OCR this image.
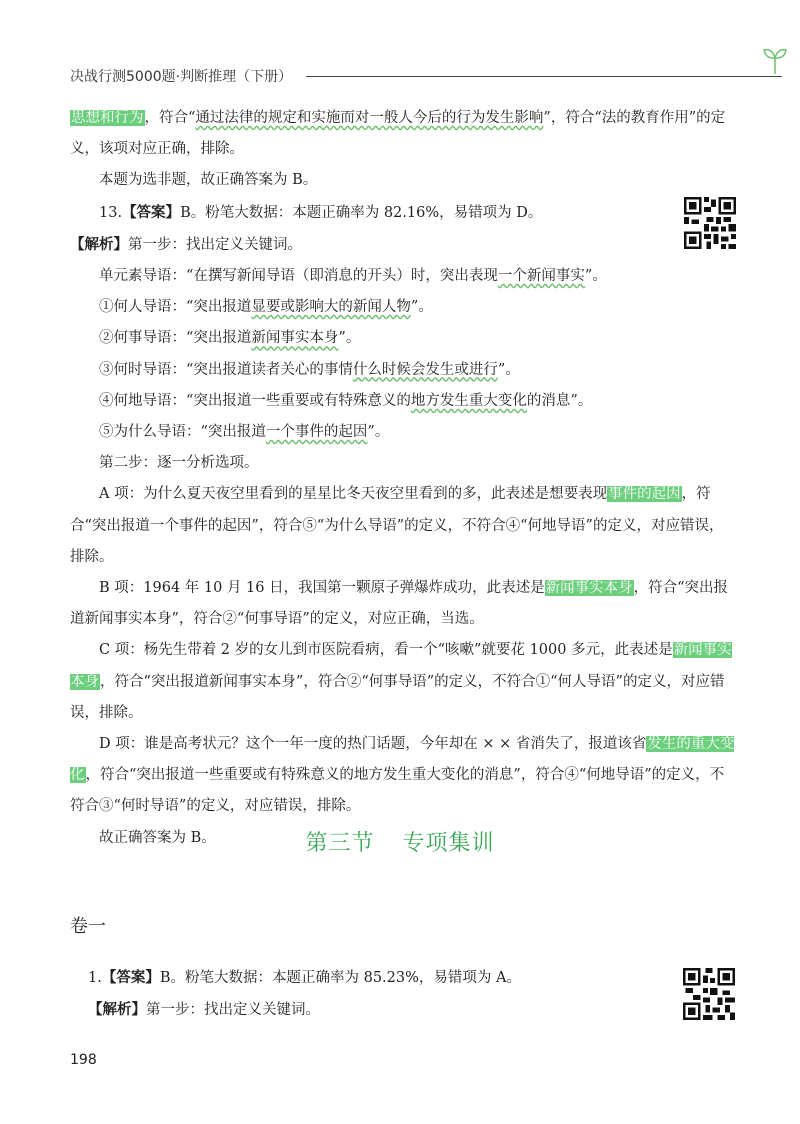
决战行测5000题·判断推理（下册）

思想和行为，符合“通过法律的规定和实施而对一般人今后的行为发生影响”，符合“法的教育作用”的定义，该项对应正确，排除。

本题为选非题，故正确答案为 B。

13.【答案】B。粉笔大数据：本题正确率为 82.16%，易错项为 D。

【解析】第一步：找出定义关键词。

单元素导语：“在撰写新闻导语（即消息的开头）时，突出表现一个新闻事实”。

①何人导语：“突出报道显要或影响大的新闻人物”。

②何事导语：“突出报道新闻事实本身”。

③何时导语：“突出报道读者关心的事情什么时候会发生或进行”。

④何地导语：“突出报道一些重要或有特殊意义的地方发生重大变化的消息”。

⑤为什么导语：“突出报道一个事件的起因”。

第二步：逐一分析选项。

A 项：为什么夏天夜空里看到的星星比冬天夜空里看到的多，此表述是想要表现事件的起因，符合“突出报道一个事件的起因”，符合⑤“为什么导语”的定义，不符合④“何地导语”的定义，对应错误，排除。

B 项：1964 年 10 月 16 日，我国第一颗原子弹爆炸成功，此表述是新闻事实本身，符合“突出报道新闻事实本身”，符合②“何事导语”的定义，对应正确，当选。

C 项：杨先生带着 2 岁的女儿到市医院看病，看一个“咳嗽”就要花 1000 多元，此表述是新闻事实本身，符合“突出报道新闻事实本身”，符合②“何事导语”的定义，不符合①“何人导语”的定义，对应错误，排除。

D 项：谁是高考状元？这个一年一度的热门话题，今年却在 × × 省消失了，报道该省发生的重大变化，符合“突出报道一些重要或有特殊意义的地方发生重大变化的消息”，符合④“何地导语”的定义，不符合③“何时导语”的定义，对应错误，排除。

故正确答案为 B。	第三节 专项集训
卷一

1.【答案】B。粉笔大数据：本题正确率为 85.23%，易错项为 A。

【解析】第一步：找出定义关键词。

198
